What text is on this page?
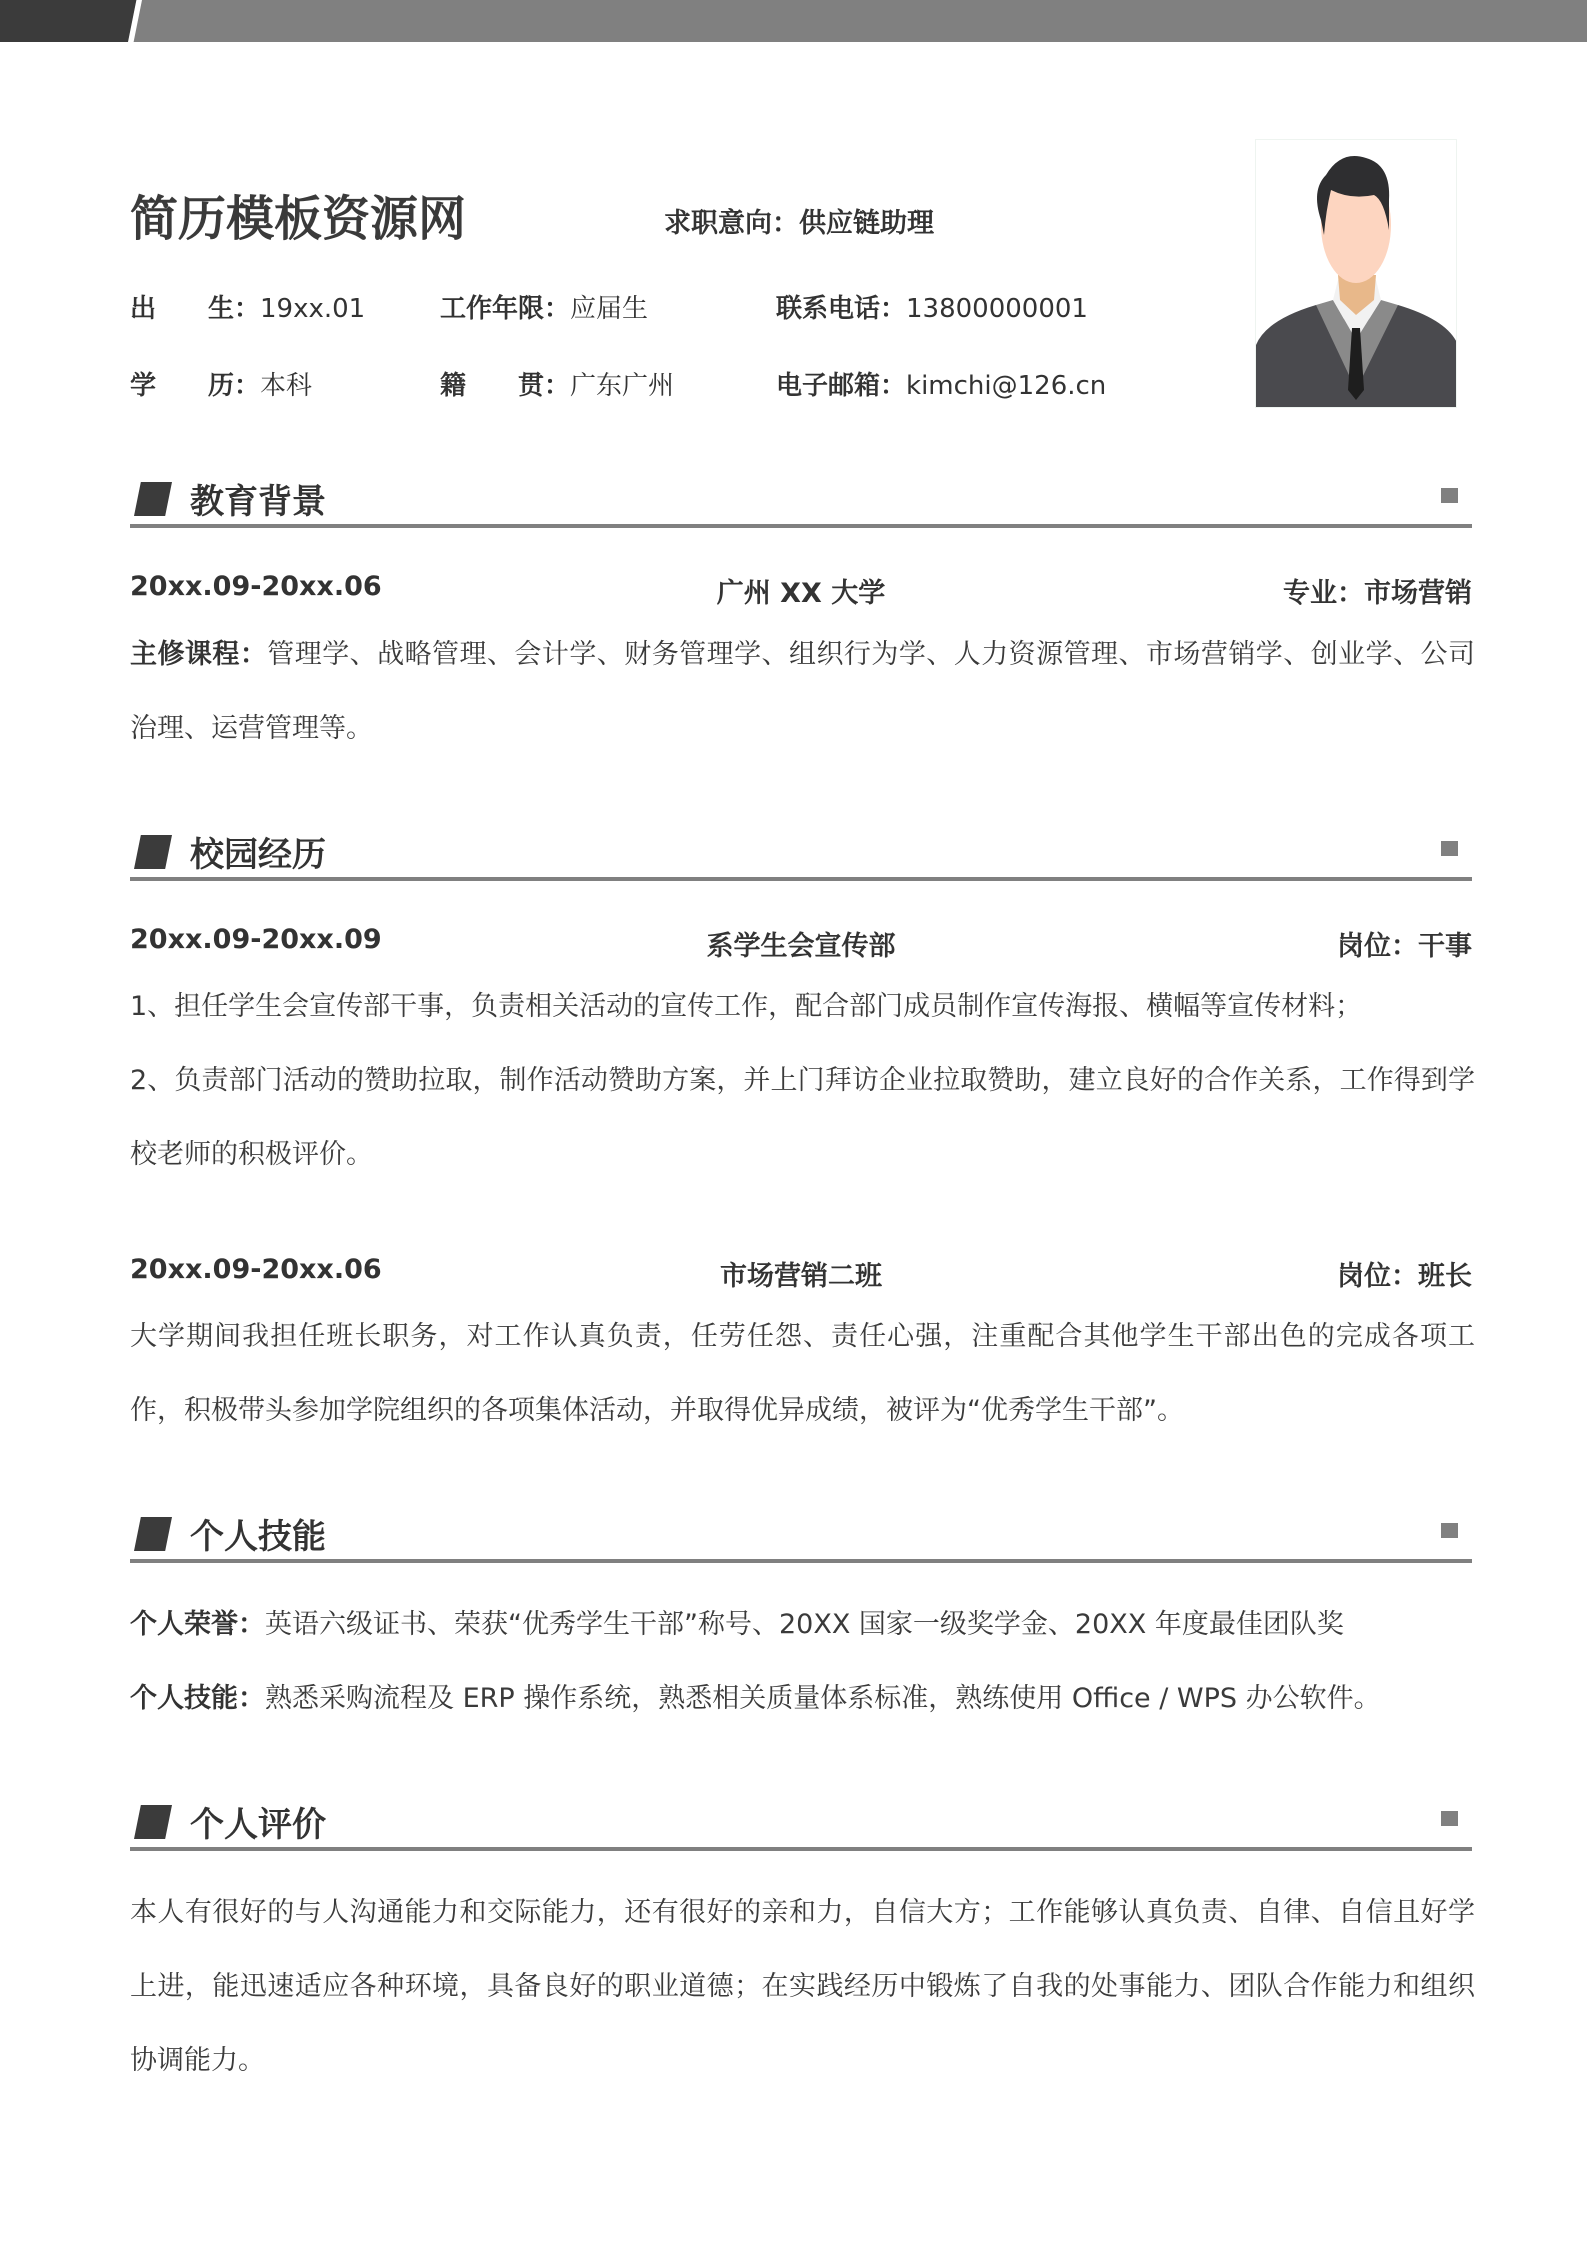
简历模板资源网	求职意向：供应链助理
出　　生：19xx.01	工作年限：应届生	联系电话：13800000001
学　　历：本科	籍　　贯：广东广州	电子邮箱：kimchi@126.cn
教育背景
20xx.09-20xx.06	广州 XX 大学	专业：市场营销
主修课程：管理学、战略管理、会计学、财务管理学、组织行为学、人力资源管理、市场营销学、创业学、公司治理、运营管理等。
校园经历
20xx.09-20xx.09	系学生会宣传部	岗位：干事
1、担任学生会宣传部干事，负责相关活动的宣传工作，配合部门成员制作宣传海报、横幅等宣传材料；
2、负责部门活动的赞助拉取，制作活动赞助方案，并上门拜访企业拉取赞助，建立良好的合作关系，工作得到学校老师的积极评价。
20xx.09-20xx.06	市场营销二班	岗位：班长
大学期间我担任班长职务，对工作认真负责，任劳任怨、责任心强，注重配合其他学生干部出色的完成各项工作，积极带头参加学院组织的各项集体活动，并取得优异成绩，被评为“优秀学生干部”。
个人技能
个人荣誉：英语六级证书、荣获“优秀学生干部”称号、20XX 国家一级奖学金、20XX 年度最佳团队奖
个人技能：熟悉采购流程及 ERP 操作系统，熟悉相关质量体系标准，熟练使用 Office / WPS 办公软件。
个人评价
本人有很好的与人沟通能力和交际能力，还有很好的亲和力，自信大方；工作能够认真负责、自律、自信且好学上进，能迅速适应各种环境，具备良好的职业道德；在实践经历中锻炼了自我的处事能力、团队合作能力和组织协调能力。
